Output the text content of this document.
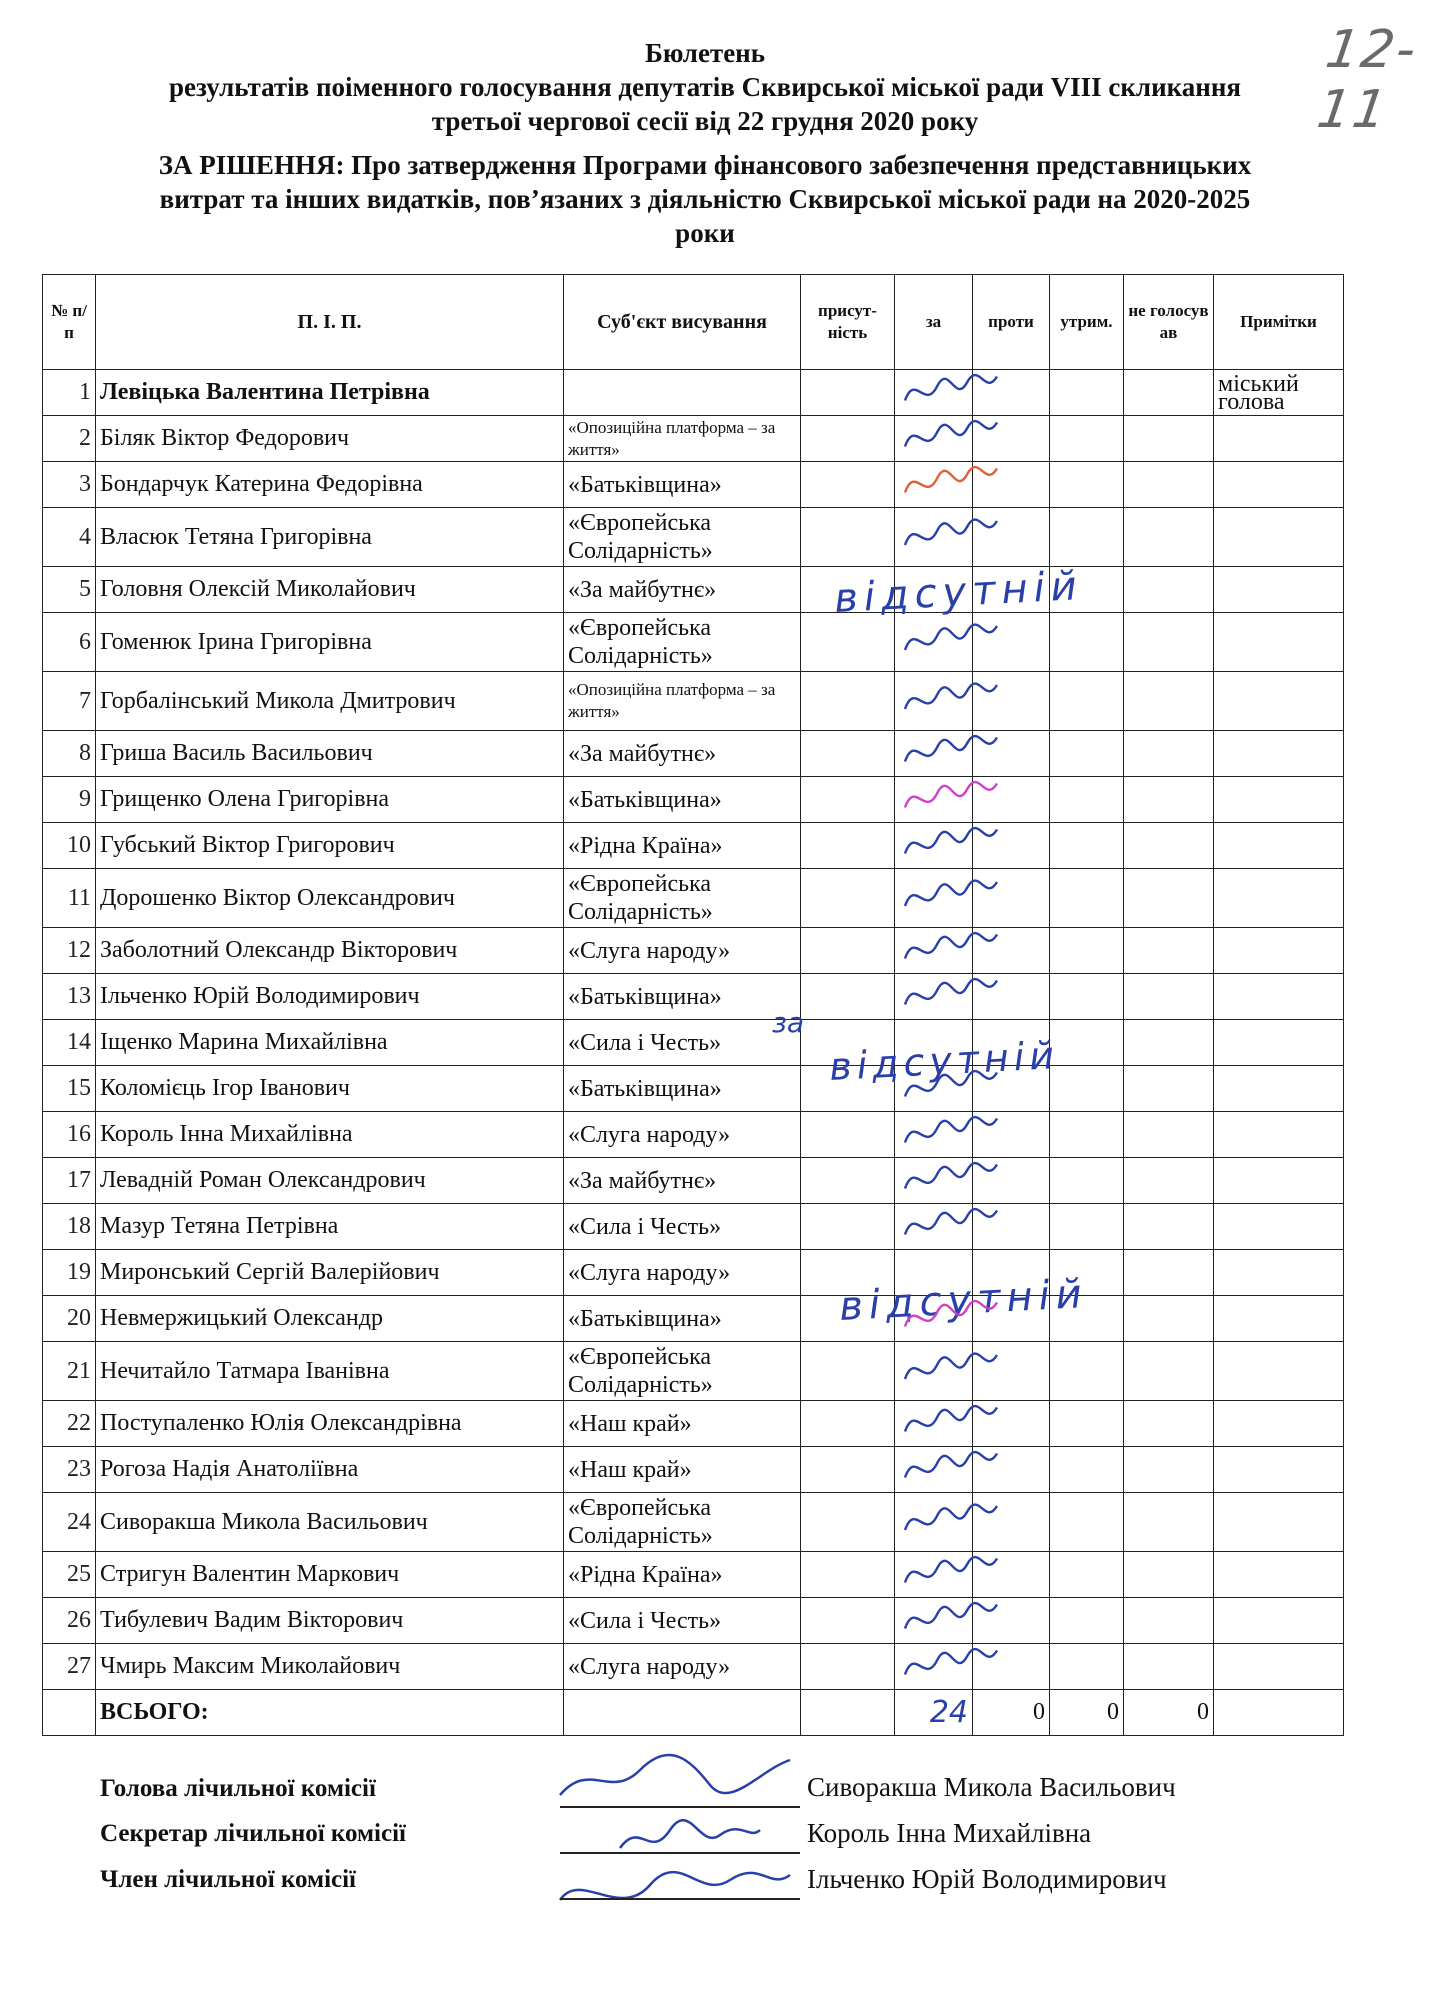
12-11
Бюлетень
результатів поіменного голосування депутатів Сквирської міської ради VIII скликання
третьої чергової сесії від 22 грудня 2020 року
ЗА РІШЕННЯ: Про затвердження Програми фінансового забезпечення представницьких
витрат та інших видатків, пов’язаних з діяльністю Сквирської міської ради на 2020-2025
роки
№ п/п	П. І. П.	Суб'єкт висування	присут-ність	за	проти	утрим.	не голосув ав	Примітки
1	Левіцька Валентина Петрівна							міський голова
2	Біляк Віктор Федорович	«Опозиційна платформа – за життя»						
3	Бондарчук Катерина Федорівна	«Батьківщина»						
4	Власюк Тетяна Григорівна	«Європейська Солідарність»						
5	Головня Олексій Миколайович	«За майбутнє»						
6	Гоменюк Ірина Григорівна	«Європейська Солідарність»						
7	Горбалінський Микола Дмитрович	«Опозиційна платформа – за життя»						
8	Гриша Василь Васильович	«За майбутнє»						
9	Грищенко Олена Григорівна	«Батьківщина»						
10	Губський Віктор Григорович	«Рідна Країна»						
11	Дорошенко Віктор Олександрович	«Європейська Солідарність»						
12	Заболотний Олександр Вікторович	«Слуга народу»						
13	Ільченко Юрій Володимирович	«Батьківщина»						
14	Іщенко Марина Михайлівна	«Сила і Честь»						
15	Коломієць Ігор Іванович	«Батьківщина»						
16	Король Інна Михайлівна	«Слуга народу»						
17	Левадній Роман Олександрович	«За майбутнє»						
18	Мазур Тетяна Петрівна	«Сила і Честь»						
19	Миронський Сергій Валерійович	«Слуга народу»						
20	Невмержицький Олександр	«Батьківщина»						
21	Нечитайло Татмара Іванівна	«Європейська Солідарність»						
22	Поступаленко Юлія Олександрівна	«Наш край»						
23	Рогоза Надія Анатоліївна	«Наш край»						
24	Сиворакша Микола Васильович	«Європейська Солідарність»						
25	Стригун Валентин Маркович	«Рідна Країна»						
26	Тибулевич Вадим Вікторович	«Сила і Честь»						
27	Чмирь Максим Миколайович	«Слуга народу»						
	ВСЬОГО:			24	0	0	0	
відсутній
відсутній
відсутній
за
Голова лічильної комісії	Сиворакша Микола Васильович
Секретар лічильної комісії	Король Інна Михайлівна
Член лічильної комісії	Ільченко Юрій Володимирович
